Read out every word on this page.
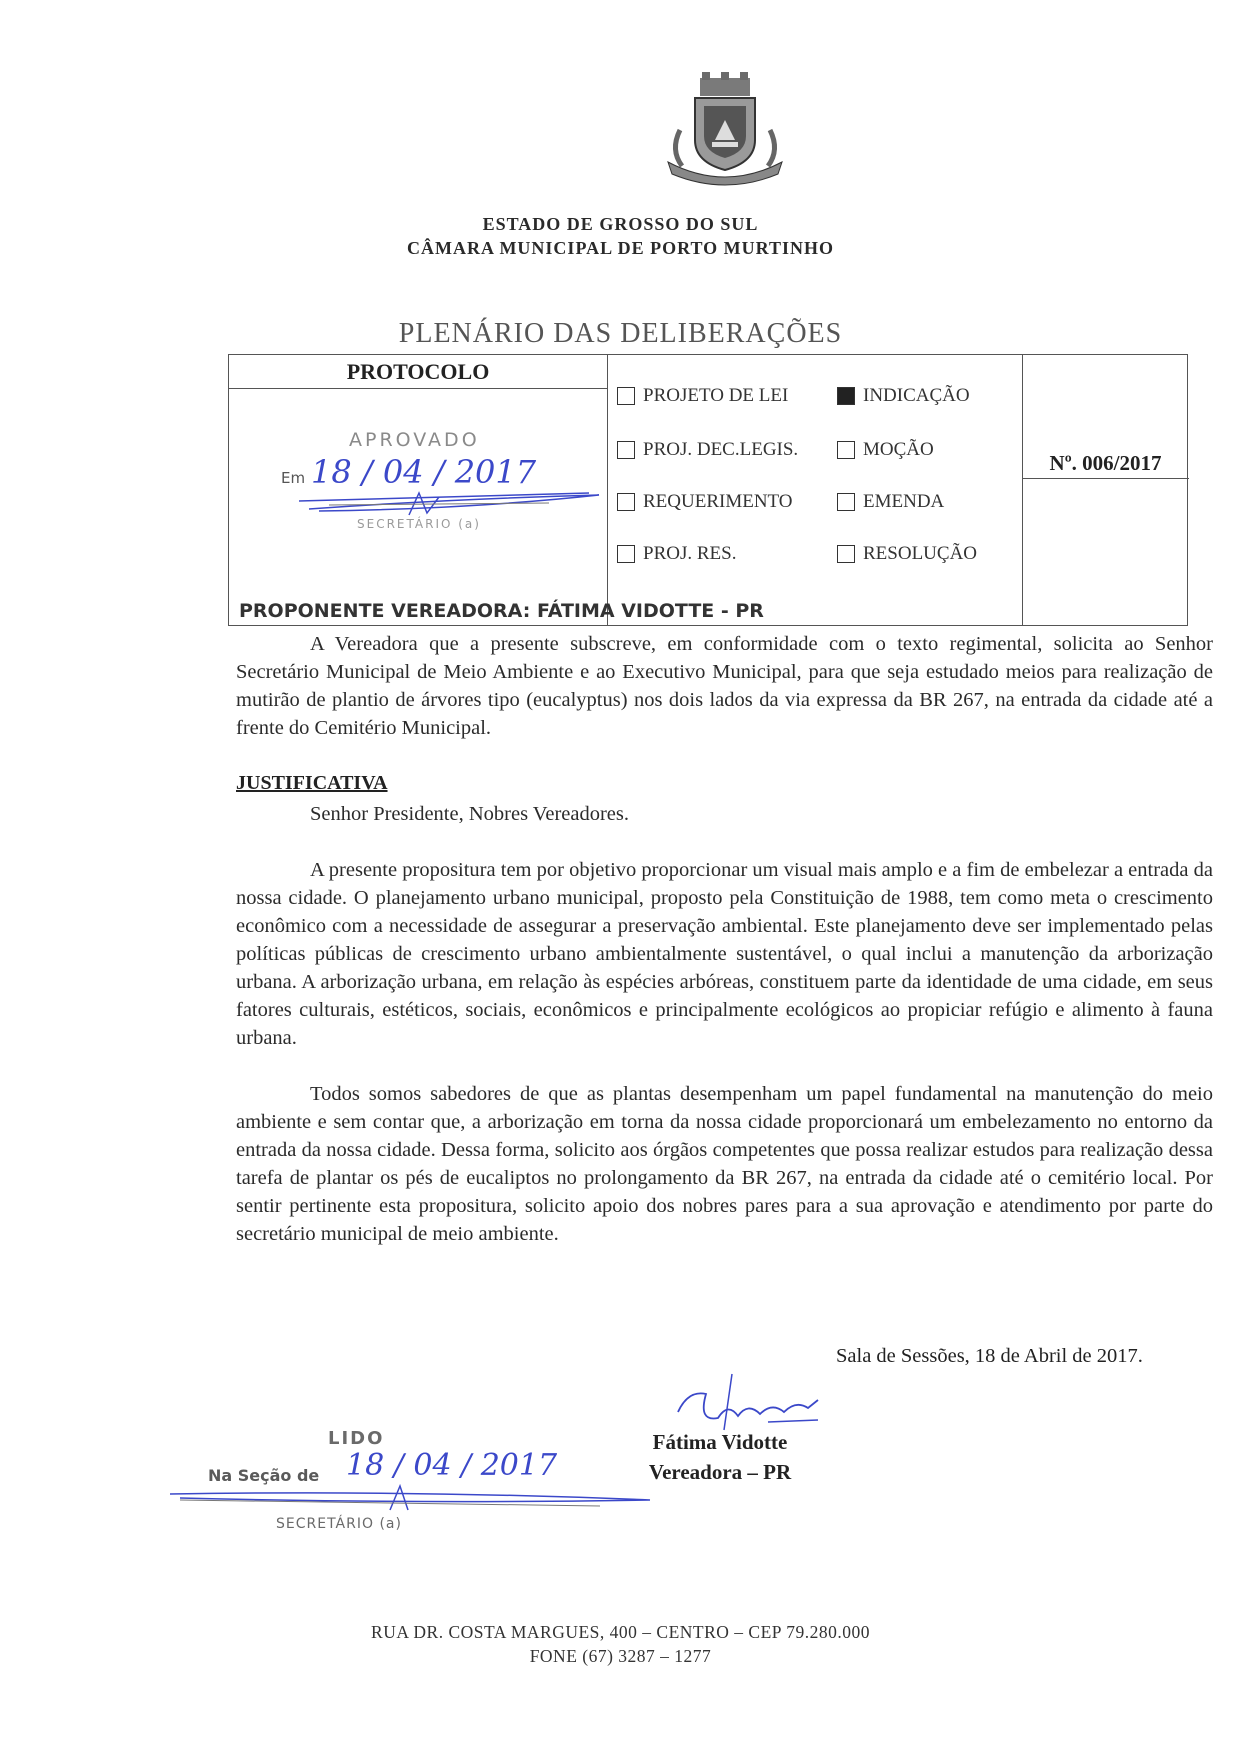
ESTADO DE GROSSO DO SUL
CÂMARA MUNICIPAL DE PORTO MURTINHO
PLENÁRIO DAS DELIBERAÇÕES
PROTOCOLO
APROVADO
Em 18 / 04 / 2017
SECRETÁRIO (a)
PROJETO DE LEI	INDICAÇÃO
PROJ. DEC.LEGIS.	MOÇÃO
REQUERIMENTO	EMENDA
PROJ. RES.	RESOLUÇÃO
Nº. 006/2017
PROPONENTE VEREADORA: FÁTIMA VIDOTTE - PR
A Vereadora que a presente subscreve, em conformidade com o texto regimental, solicita ao Senhor Secretário Municipal de Meio Ambiente e ao Executivo Municipal, para que seja estudado meios para realização de mutirão de plantio de árvores tipo (eucalyptus) nos dois lados da via expressa da BR 267, na entrada da cidade até a frente do Cemitério Municipal.
JUSTIFICATIVA
Senhor Presidente, Nobres Vereadores.
A presente propositura tem por objetivo proporcionar um visual mais amplo e a fim de embelezar a entrada da nossa cidade. O planejamento urbano municipal, proposto pela Constituição de 1988, tem como meta o crescimento econômico com a necessidade de assegurar a preservação ambiental. Este planejamento deve ser implementado pelas políticas públicas de crescimento urbano ambientalmente sustentável, o qual inclui a manutenção da arborização urbana. A arborização urbana, em relação às espécies arbóreas, constituem parte da identidade de uma cidade, em seus fatores culturais, estéticos, sociais, econômicos e principalmente ecológicos ao propiciar refúgio e alimento à fauna urbana.
Todos somos sabedores de que as plantas desempenham um papel fundamental na manutenção do meio ambiente e sem contar que, a arborização em torna da nossa cidade proporcionará um embelezamento no entorno da entrada da nossa cidade. Dessa forma, solicito aos órgãos competentes que possa realizar estudos para realização dessa tarefa de plantar os pés de eucaliptos no prolongamento da BR 267, na entrada da cidade até o cemitério local. Por sentir pertinente esta propositura, solicito apoio dos nobres pares para a sua aprovação e atendimento por parte do secretário municipal de meio ambiente.
Sala de Sessões, 18 de Abril de 2017.
Fátima Vidotte
Vereadora – PR
LIDO
Na Seção de 18 / 04 / 2017
SECRETÁRIO (a)
RUA DR. COSTA MARGUES, 400 – CENTRO – CEP 79.280.000
FONE (67) 3287 – 1277
